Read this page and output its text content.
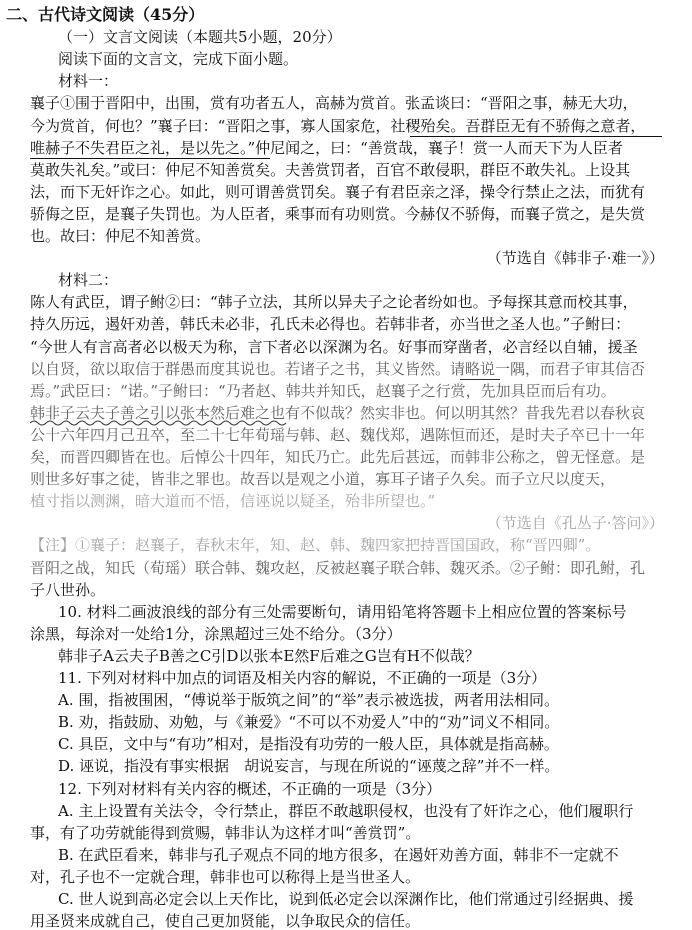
二、古代诗文阅读（45分）
（一）文言文阅读（本题共5小题，20分）
阅读下面的文言文，完成下面小题。
材料一：
襄子①围于晋阳中，出围，赏有功者五人，高赫为赏首。张孟谈曰：“晋阳之事，赫无大功，
今为赏首，何也？”襄子曰：“晋阳之事，寡人国家危，社稷殆矣。吾群臣无有不骄侮之意者，
唯赫子不失君臣之礼，是以先之。”仲尼闻之，曰：“善赏哉，襄子！赏一人而天下为人臣者
莫敢失礼矣。”或曰：仲尼不知善赏矣。夫善赏罚者，百官不敢侵职，群臣不敢失礼。上设其
法，而下无奸诈之心。如此，则可谓善赏罚矣。襄子有君臣亲之泽，操令行禁止之法，而犹有
骄侮之臣，是襄子失罚也。为人臣者，乘事而有功则赏。今赫仅不骄侮，而襄子赏之，是失赏
也。故曰：仲尼不知善赏。
（节选自《韩非子·难一》）
材料二：
陈人有武臣，谓子鲋②曰：“韩子立法，其所以异夫子之论者纷如也。予每探其意而校其事，
持久历远，遏奸劝善，韩氏未必非，孔氏未必得也。若韩非者，亦当世之圣人也。”子鲋曰：
“今世人有言高者必以极天为称，言下者必以深渊为名。好事而穿凿者，必言经以自辅，援圣
以自贤，欲以取信于群愚而度其说也。若诸子之书，其义皆然。请略说一隅，而君子审其信否
焉。”武臣曰：“诺。”子鲋曰：“乃者赵、韩共并知氏，赵襄子之行赏，先加具臣而后有功。
韩非子云夫子善之引以张本然后难之也有不似哉？然实非也。何以明其然？昔我先君以春秋哀
公十六年四月己丑卒，至二十七年荀瑶与韩、赵、魏伐郑，遇陈恒而还，是时夫子卒已十一年
矣，而晋四卿皆在也。后悼公十四年，知氏乃亡。此先后甚远，而韩非公称之，曾无怪意。是
则世多好事之徒，皆非之罪也。故吾以是观之小道，寡耳子诸子久矣。而子立尺以度天，
植寸指以测渊，暗大道而不悟，信诬说以疑圣，殆非所望也。”
（节选自《孔丛子·答问》）
【注】①襄子：赵襄子，春秋末年，知、赵、韩、魏四家把持晋国国政，称“晋四卿”。
晋阳之战，知氏（荀瑶）联合韩、魏攻赵，反被赵襄子联合韩、魏灭杀。②子鲋：即孔鲋，孔
子八世孙。
10. 材料二画波浪线的部分有三处需要断句，请用铅笔将答题卡上相应位置的答案标号
涂黑，每涂对一处给1分，涂黑超过三处不给分。（3分）
韩非子A云夫子B善之C引D以张本E然F后难之G岂有H不似哉？
11. 下列对材料中加点的词语及相关内容的解说，不正确的一项是（3分）
A. 围，指被围困，“傅说举于版筑之间”的“举”表示被选拔，两者用法相同。
B. 劝，指鼓励、劝勉，与《兼爱》“不可以不劝爱人”中的“劝”词义不相同。
C. 具臣，文中与“有功”相对，是指没有功劳的一般人臣，具体就是指高赫。
D. 诬说，指没有事实根据　胡说妄言，与现在所说的“诬蔑之辞”并不一样。
12. 下列对材料有关内容的概述，不正确的一项是（3分）
A. 主上设置有关法令，令行禁止，群臣不敢越职侵权，也没有了奸诈之心，他们履职行
事，有了功劳就能得到赏赐，韩非认为这样才叫“善赏罚”。
B. 在武臣看来，韩非与孔子观点不同的地方很多，在遏奸劝善方面，韩非不一定就不
对，孔子也不一定就合理，韩非也可以称得上是当世圣人。
C. 世人说到高必定会以上天作比，说到低必定会以深渊作比，他们常通过引经据典、援
用圣贤来成就自己，使自己更加贤能，以争取民众的信任。
